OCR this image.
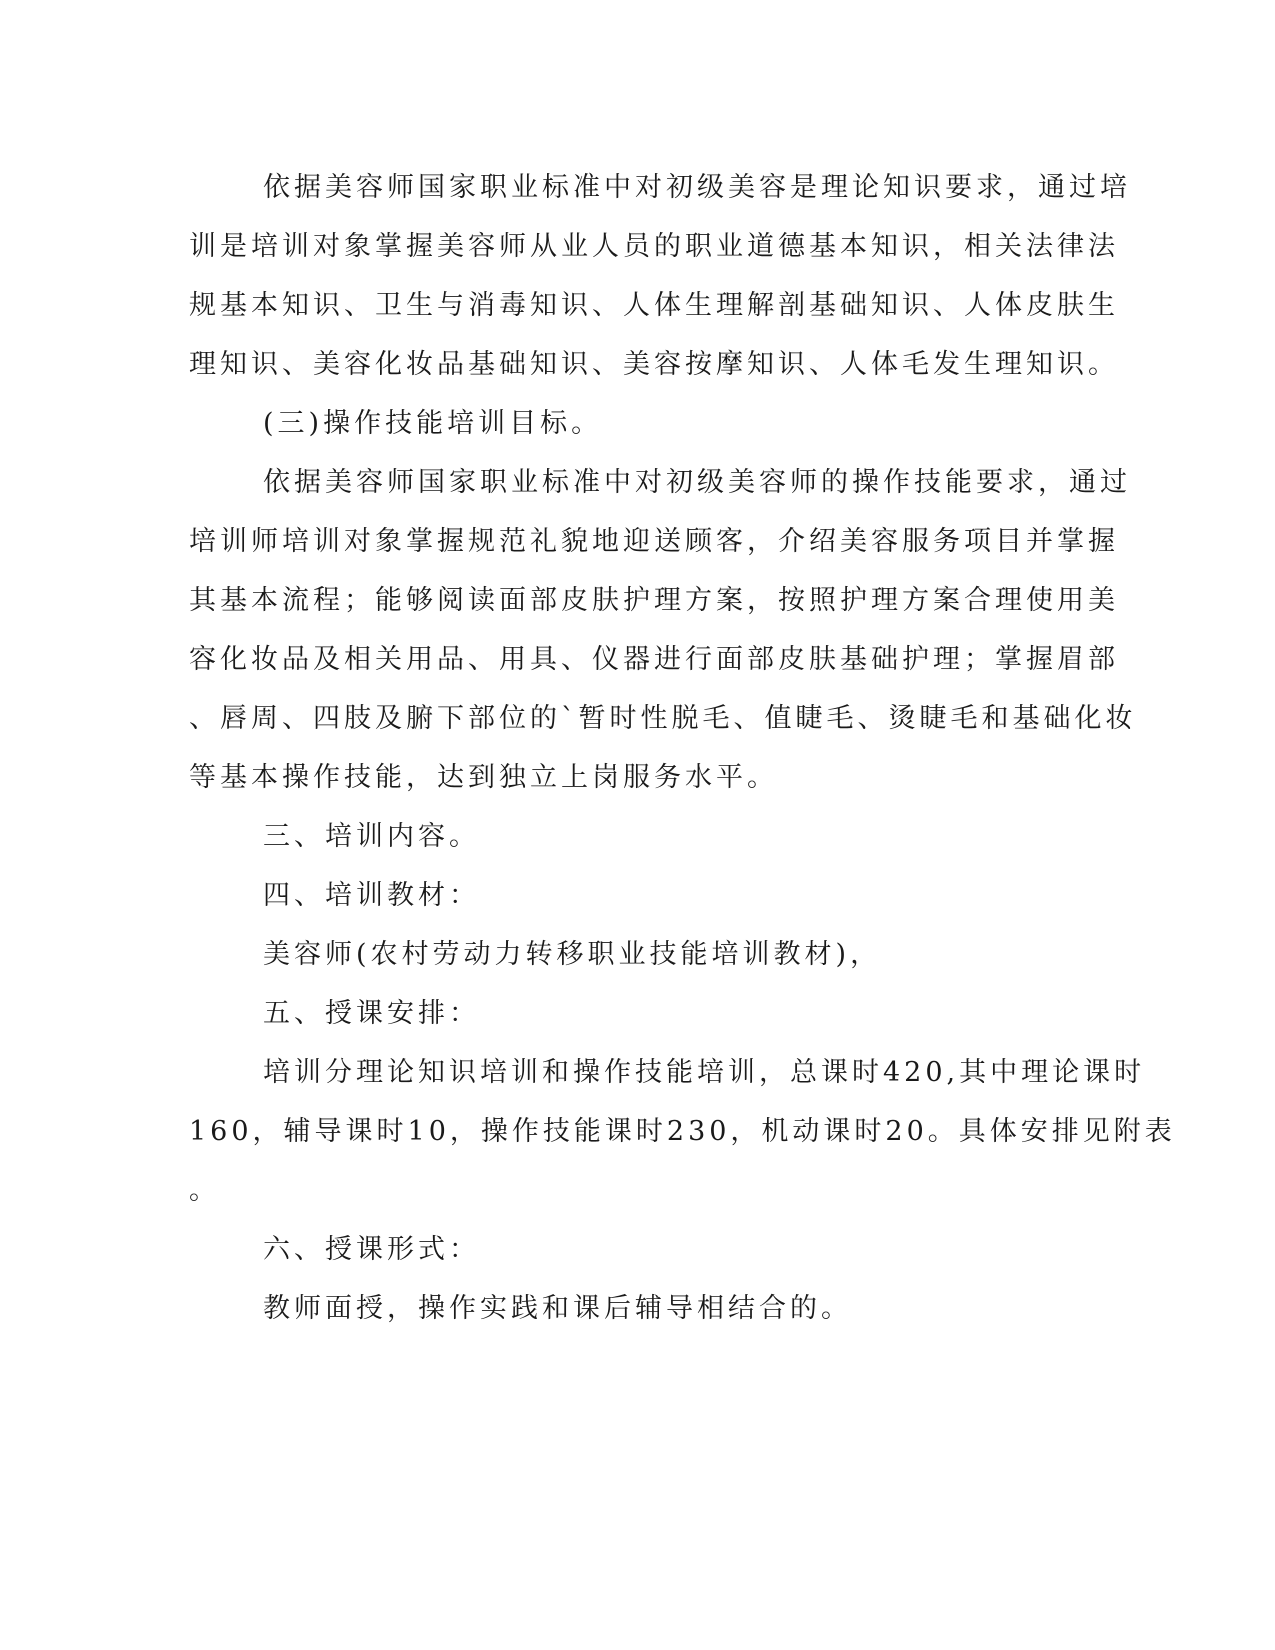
依据美容师国家职业标准中对初级美容是理论知识要求，通过培
训是培训对象掌握美容师从业人员的职业道德基本知识，相关法律法
规基本知识、卫生与消毒知识、人体生理解剖基础知识、人体皮肤生
理知识、美容化妆品基础知识、美容按摩知识、人体毛发生理知识。
(三)操作技能培训目标。
依据美容师国家职业标准中对初级美容师的操作技能要求，通过
培训师培训对象掌握规范礼貌地迎送顾客，介绍美容服务项目并掌握
其基本流程；能够阅读面部皮肤护理方案，按照护理方案合理使用美
容化妆品及相关用品、用具、仪器进行面部皮肤基础护理；掌握眉部
、唇周、四肢及腑下部位的`暂时性脱毛、值睫毛、烫睫毛和基础化妆
等基本操作技能，达到独立上岗服务水平。
三、培训内容。
四、培训教材：
美容师(农村劳动力转移职业技能培训教材)，
五、授课安排：
培训分理论知识培训和操作技能培训，总课时420,其中理论课时
160，辅导课时10，操作技能课时230，机动课时20。具体安排见附表
。
六、授课形式：
教师面授，操作实践和课后辅导相结合的。
